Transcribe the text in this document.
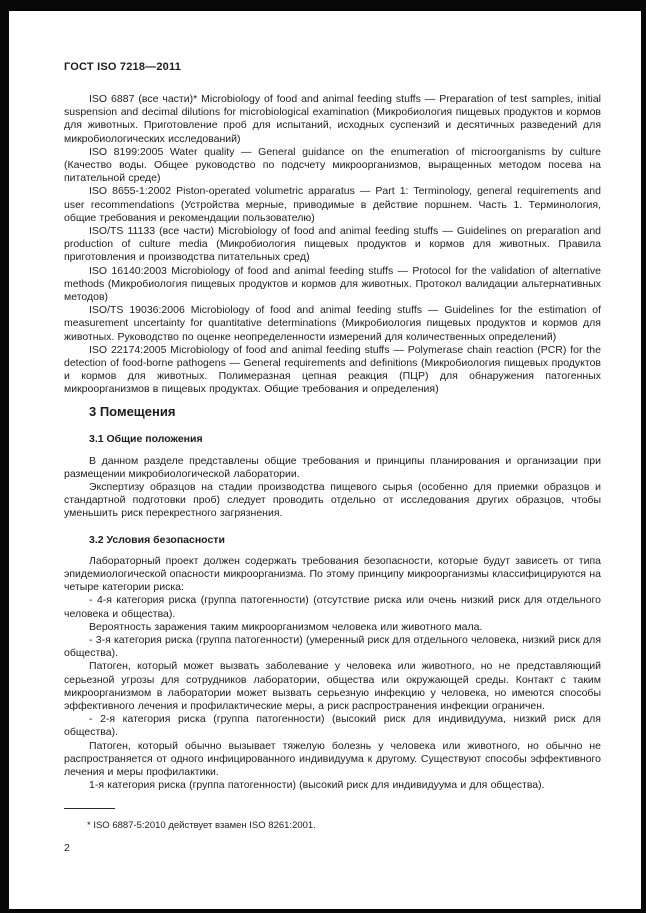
ГОСТ ISO 7218—2011

ISO 6887 (все части)* Microbiology of food and animal feeding stuffs — Preparation of test samples, initial suspension and decimal dilutions for microbiological examination (Микробиология пищевых продуктов и кормов для животных. Приготовление проб для испытаний, исходных суспензий и десятичных разведений для микробиологических исследований)

ISO 8199:2005 Water quality — General guidance on the enumeration of microorganisms by culture (Качество воды. Общее руководство по подсчету микроорганизмов, выращенных методом посева на питательной среде)

ISO 8655-1:2002 Piston-operated volumetric apparatus — Part 1: Terminology, general requirements and user recommendations (Устройства мерные, приводимые в действие поршнем. Часть 1. Терминология, общие требования и рекомендации пользователю)

ISO/TS 11133 (все части) Microbiology of food and animal feeding stuffs — Guidelines on preparation and production of culture media (Микробиология пищевых продуктов и кормов для животных. Правила приготовления и производства питательных сред)

ISO 16140:2003 Microbiology of food and animal feeding stuffs — Protocol for the validation of alternative methods (Микробиология пищевых продуктов и кормов для животных. Протокол валидации альтернативных методов)

ISO/TS 19036:2006 Microbiology of food and animal feeding stuffs — Guidelines for the estimation of measurement uncertainty for quantitative determinations (Микробиология пищевых продуктов и кормов для животных. Руководство по оценке неопределенности измерений для количественных определений)

ISO 22174:2005 Microbiology of food and animal feeding stuffs — Polymerase chain reaction (PCR) for the detection of food-borne pathogens — General requirements and definitions (Микробиология пищевых продуктов и кормов для животных. Полимеразная цепная реакция (ПЦР) для обнаружения патогенных микроорганизмов в пищевых продуктах. Общие требования и определения)

3 Помещения
3.1 Общие положения

В данном разделе представлены общие требования и принципы планирования и организации при размещении микробиологической лаборатории.

Экспертизу образцов на стадии производства пищевого сырья (особенно для приемки образцов и стандартной подготовки проб) следует проводить отдельно от исследования других образцов, чтобы уменьшить риск перекрестного загрязнения.

3.2 Условия безопасности

Лабораторный проект должен содержать требования безопасности, которые будут зависеть от типа эпидемиологической опасности микроорганизма. По этому принципу микроорганизмы классифицируются на четыре категории риска:

- 4-я категория риска (группа патогенности) (отсутствие риска или очень низкий риск для отдельного человека и общества).

Вероятность заражения таким микроорганизмом человека или животного мала.

- 3-я категория риска (группа патогенности) (умеренный риск для отдельного человека, низкий риск для общества).

Патоген, который может вызвать заболевание у человека или животного, но не представляющий серьезной угрозы для сотрудников лаборатории, общества или окружающей среды. Контакт с таким микроорганизмом в лаборатории может вызвать серьезную инфекцию у человека, но имеются способы эффективного лечения и профилактические меры, а риск распространения инфекции ограничен.

- 2-я категория риска (группа патогенности) (высокий риск для индивидуума, низкий риск для общества).

Патоген, который обычно вызывает тяжелую болезнь у человека или животного, но обычно не распространяется от одного инфицированного индивидуума к другому. Существуют способы эффективного лечения и меры профилактики.

1-я категория риска (группа патогенности) (высокий риск для индивидуума и для общества).

* ISO 6887-5:2010 действует взамен ISO 8261:2001.

2
